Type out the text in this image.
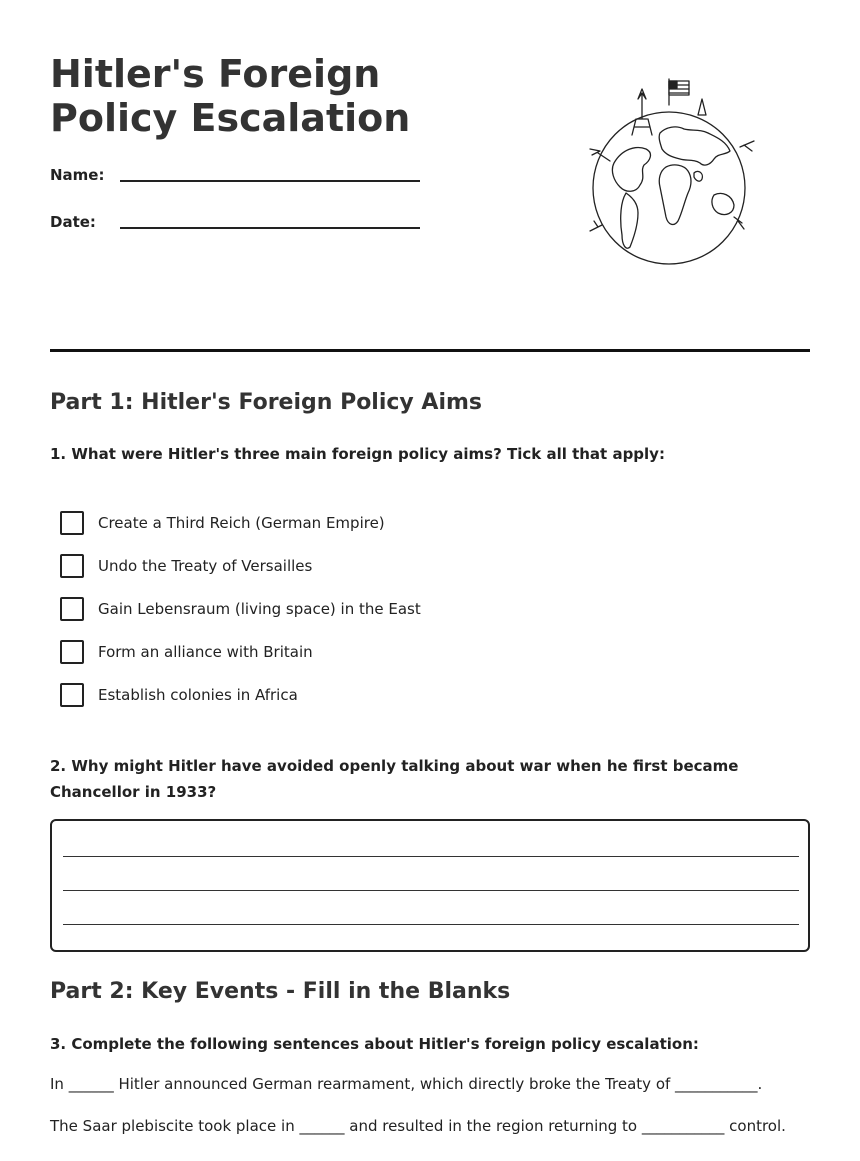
Hitler's Foreign Policy Escalation
Name:
Date:
Part 1: Hitler's Foreign Policy Aims
1. What were Hitler's three main foreign policy aims? Tick all that apply:
Create a Third Reich (German Empire)
Undo the Treaty of Versailles
Gain Lebensraum (living space) in the East
Form an alliance with Britain
Establish colonies in Africa
2. Why might Hitler have avoided openly talking about war when he first became Chancellor in 1933?
Part 2: Key Events - Fill in the Blanks
3. Complete the following sentences about Hitler's foreign policy escalation:
In ______ Hitler announced German rearmament, which directly broke the Treaty of ___________.
The Saar plebiscite took place in ______ and resulted in the region returning to ___________ control.
